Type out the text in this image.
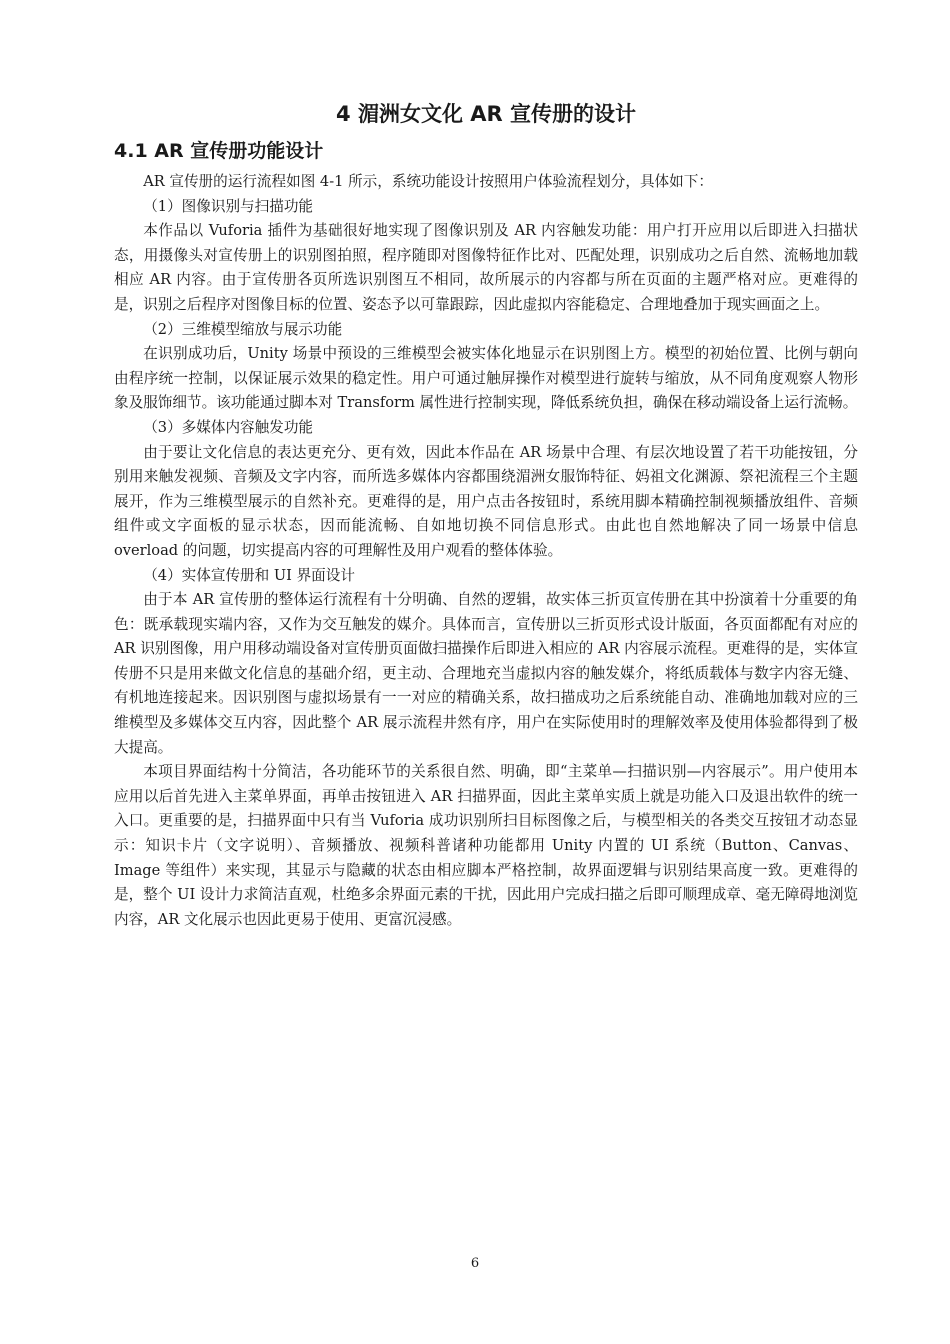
4 湄洲女文化 AR 宣传册的设计
4.1 AR 宣传册功能设计

AR 宣传册的运行流程如图 4-1 所示，系统功能设计按照用户体验流程划分，具体如下：

（1）图像识别与扫描功能

本作品以 Vuforia 插件为基础很好地实现了图像识别及 AR 内容触发功能：用户打开应用以后即进入扫描状态，用摄像头对宣传册上的识别图拍照，程序随即对图像特征作比对、匹配处理，识别成功之后自然、流畅地加载相应 AR 内容。由于宣传册各页所选识别图互不相同，故所展示的内容都与所在页面的主题严格对应。更难得的是，识别之后程序对图像目标的位置、姿态予以可靠跟踪，因此虚拟内容能稳定、合理地叠加于现实画面之上。

（2）三维模型缩放与展示功能

在识别成功后，Unity 场景中预设的三维模型会被实体化地显示在识别图上方。模型的初始位置、比例与朝向由程序统一控制，以保证展示效果的稳定性。用户可通过触屏操作对模型进行旋转与缩放，从不同角度观察人物形象及服饰细节。该功能通过脚本对 Transform 属性进行控制实现，降低系统负担，确保在移动端设备上运行流畅。

（3）多媒体内容触发功能

由于要让文化信息的表达更充分、更有效，因此本作品在 AR 场景中合理、有层次地设置了若干功能按钮，分别用来触发视频、音频及文字内容，而所选多媒体内容都围绕湄洲女服饰特征、妈祖文化渊源、祭祀流程三个主题展开，作为三维模型展示的自然补充。更难得的是，用户点击各按钮时，系统用脚本精确控制视频播放组件、音频组件或文字面板的显示状态，因而能流畅、自如地切换不同信息形式。由此也自然地解决了同一场景中信息 overload 的问题，切实提高内容的可理解性及用户观看的整体体验。

（4）实体宣传册和 UI 界面设计

由于本 AR 宣传册的整体运行流程有十分明确、自然的逻辑，故实体三折页宣传册在其中扮演着十分重要的角色：既承载现实端内容，又作为交互触发的媒介。具体而言，宣传册以三折页形式设计版面，各页面都配有对应的 AR 识别图像，用户用移动端设备对宣传册页面做扫描操作后即进入相应的 AR 内容展示流程。更难得的是，实体宣传册不只是用来做文化信息的基础介绍，更主动、合理地充当虚拟内容的触发媒介，将纸质载体与数字内容无缝、有机地连接起来。因识别图与虚拟场景有一一对应的精确关系，故扫描成功之后系统能自动、准确地加载对应的三维模型及多媒体交互内容，因此整个 AR 展示流程井然有序，用户在实际使用时的理解效率及使用体验都得到了极大提高。

本项目界面结构十分简洁，各功能环节的关系很自然、明确，即“主菜单—扫描识别—内容展示”。用户使用本应用以后首先进入主菜单界面，再单击按钮进入 AR 扫描界面，因此主菜单实质上就是功能入口及退出软件的统一入口。更重要的是，扫描界面中只有当 Vuforia 成功识别所扫目标图像之后，与模型相关的各类交互按钮才动态显示：知识卡片（文字说明）、音频播放、视频科普诸种功能都用 Unity 内置的 UI 系统（Button、Canvas、Image 等组件）来实现，其显示与隐藏的状态由相应脚本严格控制，故界面逻辑与识别结果高度一致。更难得的是，整个 UI 设计力求简洁直观，杜绝多余界面元素的干扰，因此用户完成扫描之后即可顺理成章、毫无障碍地浏览内容，AR 文化展示也因此更易于使用、更富沉浸感。

6
